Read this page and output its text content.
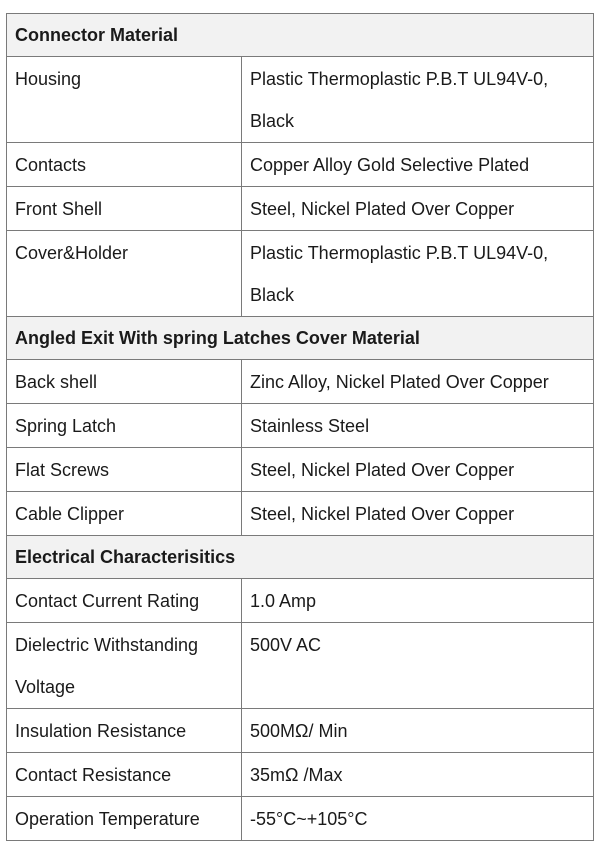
Connector Material	
Housing	Plastic Thermoplastic P.B.T UL94V-0, Black
Contacts	Copper Alloy Gold Selective Plated
Front Shell	Steel, Nickel Plated Over Copper
Cover&Holder	Plastic Thermoplastic P.B.T UL94V-0, Black
Angled Exit With spring Latches Cover Material	
Back shell	Zinc Alloy, Nickel Plated Over Copper
Spring Latch	Stainless Steel
Flat Screws	Steel, Nickel Plated Over Copper
Cable Clipper	Steel, Nickel Plated Over Copper
Electrical Characterisitics	
Contact Current Rating	1.0 Amp
Dielectric Withstanding Voltage	500V AC
Insulation Resistance	500MΩ/ Min
Contact Resistance	35mΩ /Max
Operation Temperature	-55°C~+105°C
